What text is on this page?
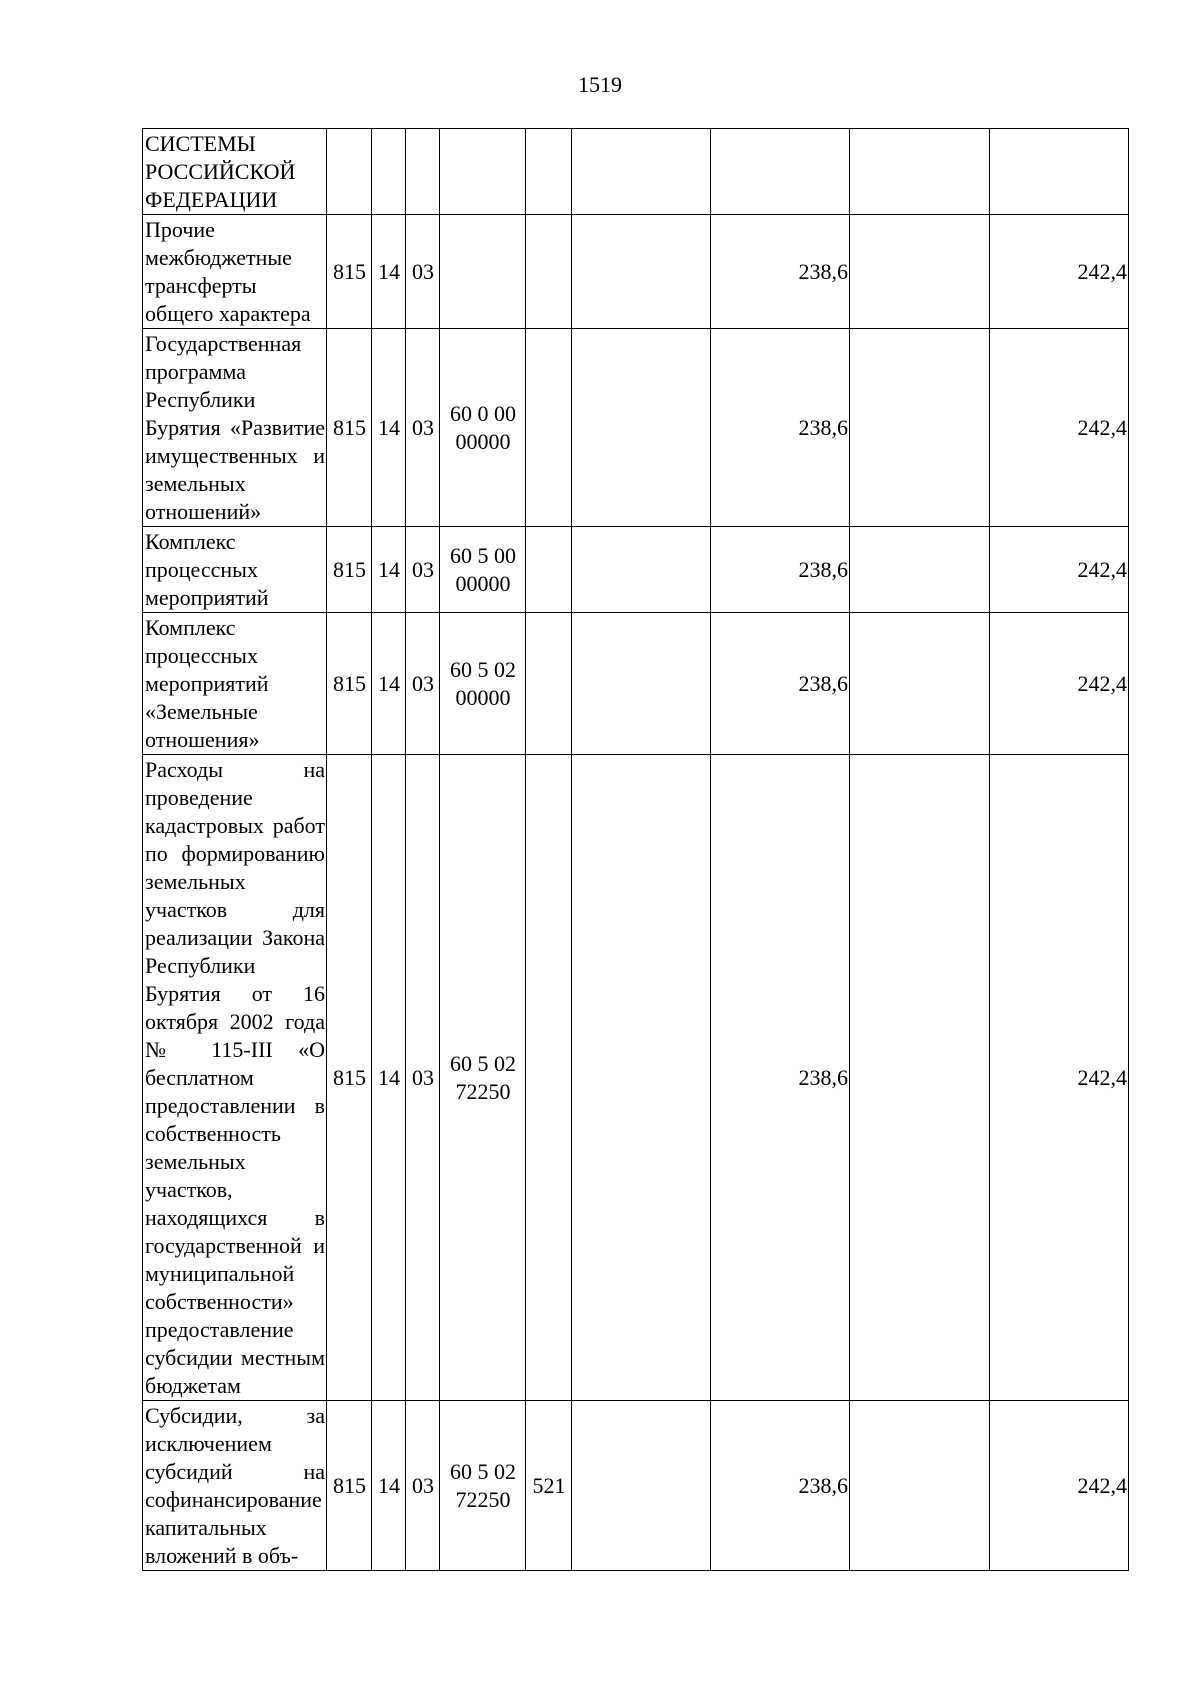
1519
СИСТЕМЫ РОССИЙСКОЙ ФЕДЕРАЦИИ									
Прочие межбюджетные трансферты общего характера	815	14	03				238,6		242,4
Государственная программа Республики Бурятия «Развитие имущественных и земельных отношений»	815	14	03	60 0 00 00000			238,6		242,4
Комплекс процессных мероприятий	815	14	03	60 5 00 00000			238,6		242,4
Комплекс процессных мероприятий «Земельные отношения»	815	14	03	60 5 02 00000			238,6		242,4
Расходы на проведение кадастровых работ по формированию земельных участков для реализации Закона Республики Бурятия от 16 октября 2002 года № 115-III «О бесплатном предоставлении в собственность земельных участков, находящихся в государственной и муниципальной собственности» предоставление субсидии местным бюджетам	815	14	03	60 5 02 72250			238,6		242,4
Субсидии, за исключением субсидий на софинансирование капитальных вложений в объ-	815	14	03	60 5 02 72250	521		238,6		242,4
